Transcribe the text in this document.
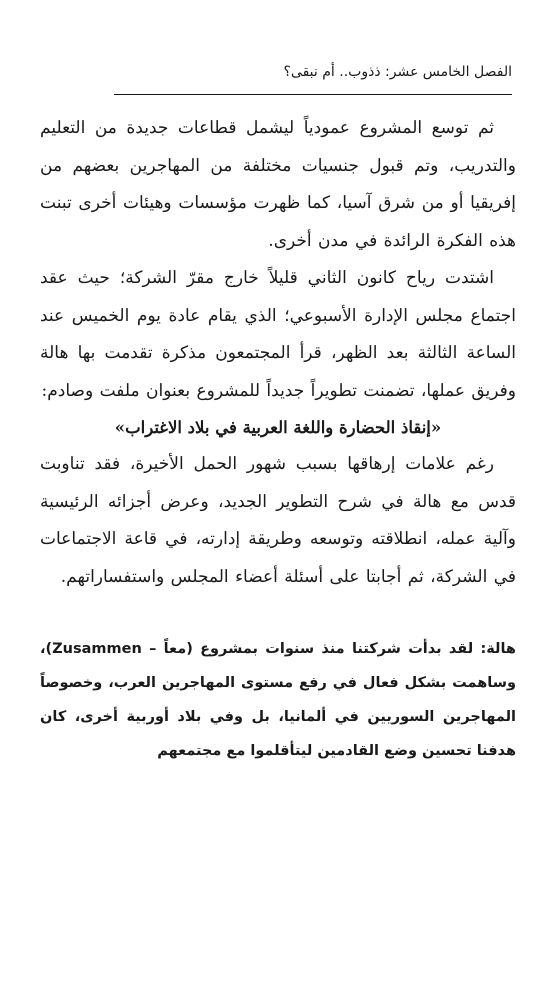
الفصل الخامس عشر: ذذوب.. أم نبقى؟

ثم توسع المشروع عمودياً ليشمل قطاعات جديدة من التعليم والتدريب، وتم قبول جنسيات مختلفة من المهاجرين بعضهم من إفريقيا أو من شرق آسيا، كما ظهرت مؤسسات وهيئات أخرى تبنت هذه الفكرة الرائدة في مدن أخرى.

اشتدت رياح كانون الثاني قليلاً خارج مقرّ الشركة؛ حيث عقد اجتماع مجلس الإدارة الأسبوعي؛ الذي يقام عادة يوم الخميس عند الساعة الثالثة بعد الظهر، قرأ المجتمعون مذكرة تقدمت بها هالة وفريق عملها، تضمنت تطويراً جديداً للمشروع بعنوان ملفت وصادم:

«إنقاذ الحضارة واللغة العربية في بلاد الاغتراب»

رغم علامات إرهاقها بسبب شهور الحمل الأخيرة، فقد تناوبت قدس مع هالة في شرح التطوير الجديد، وعرض أجزائه الرئيسية وآلية عمله، انطلاقته وتوسعه وطريقة إدارته، في قاعة الاجتماعات في الشركة، ثم أجابتا على أسئلة أعضاء المجلس واستفساراتهم.

هالة: لقد بدأت شركتنا منذ سنوات بمشروع (معاً – Zusammen)، وساهمت بشكل فعال في رفع مستوى المهاجرين العرب، وخصوصاً المهاجرين السوريين في ألمانيا، بل وفي بلاد أوربية أخرى، كان هدفنا تحسين وضع القادمين ليتأقلموا مع مجتمعهم
